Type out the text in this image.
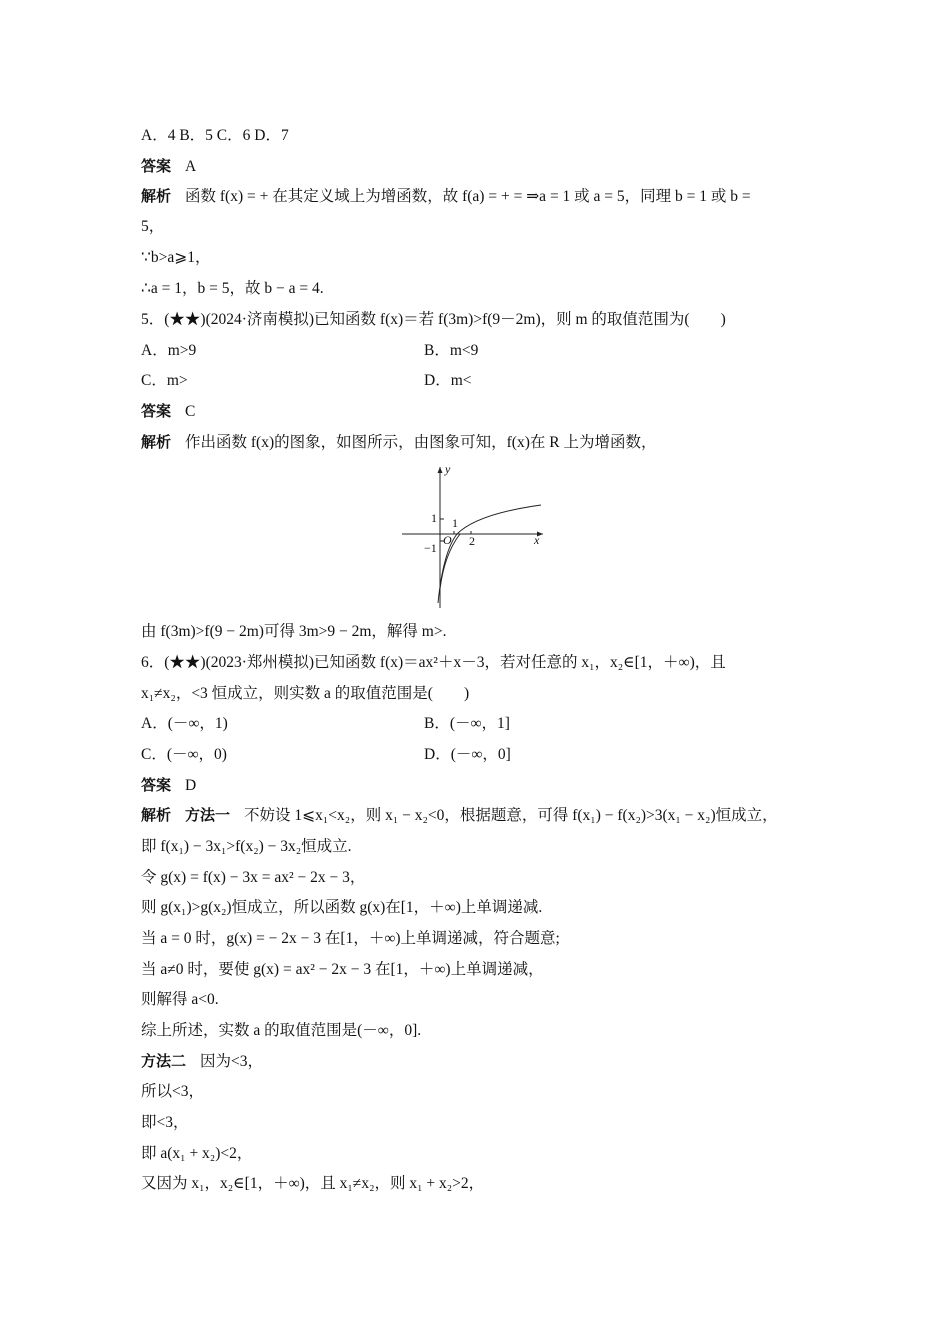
A．4 B．5 C．6 D．7
答案 A
解析 函数 f(x) = + 在其定义域上为增函数，故 f(a) = + = ⇒a = 1 或 a = 5，同理 b = 1 或 b =
5，
∵b>a⩾1，
∴a = 1，b = 5，故 b − a = 4.
5．(★★)(2024·济南模拟)已知函数 f(x)＝若 f(3m)>f(9－2m)，则 m 的取值范围为(　　)
A．m>9	B．m<9
C．m>	D．m<
答案 C
解析 作出函数 f(x)的图象，如图所示，由图象可知，f(x)在 R 上为增函数，
y
x
1
−1
O
1
2
由 f(3m)>f(9 − 2m)可得 3m>9 − 2m，解得 m>.
6．(★★)(2023·郑州模拟)已知函数 f(x)＝ax²＋x－3，若对任意的 x₁，x₂∈[1，＋∞)，且
x₁≠x₂，<3 恒成立，则实数 a 的取值范围是(　　)
A．(－∞，1)	B．(－∞，1]
C．(－∞，0)	D．(－∞，0]
答案 D
解析 方法一 不妨设 1⩽x₁<x₂，则 x₁ − x₂<0，根据题意，可得 f(x₁) − f(x₂)>3(x₁ − x₂)恒成立，
即 f(x₁) − 3x₁>f(x₂) − 3x₂恒成立.
令 g(x) = f(x) − 3x = ax² − 2x − 3，
则 g(x₁)>g(x₂)恒成立，所以函数 g(x)在[1，＋∞)上单调递减.
当 a = 0 时，g(x) = − 2x − 3 在[1，＋∞)上单调递减，符合题意;
当 a≠0 时，要使 g(x) = ax² − 2x − 3 在[1，＋∞)上单调递减，
则解得 a<0.
综上所述，实数 a 的取值范围是(－∞，0].
方法二 因为<3，
所以<3，
即<3，
即 a(x₁ + x₂)<2，
又因为 x₁，x₂∈[1，＋∞)，且 x₁≠x₂，则 x₁ + x₂>2，
